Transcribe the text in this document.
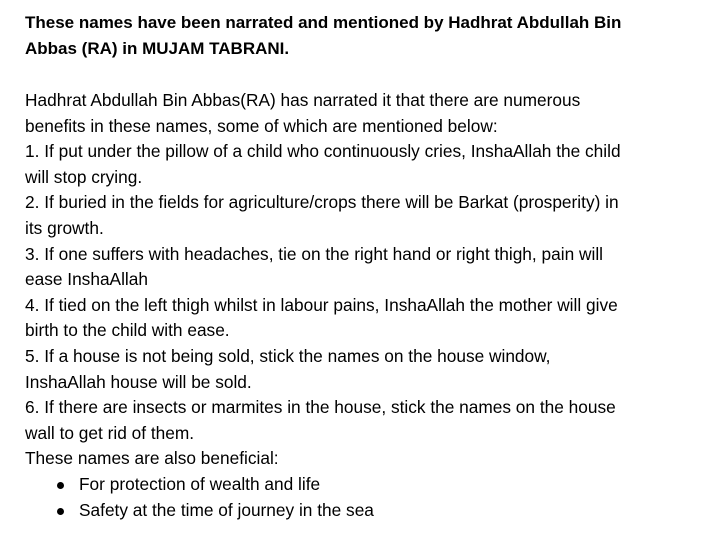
These names have been narrated and mentioned by Hadhrat Abdullah Bin
Abbas (RA) in MUJAM TABRANI.
Hadhrat Abdullah Bin Abbas(RA) has narrated it that there are numerous
benefits in these names, some of which are mentioned below:
1. If put under the pillow of a child who continuously cries, InshaAllah the child
will stop crying.
2. If buried in the fields for agriculture/crops there will be Barkat (prosperity) in
its growth.
3. If one suffers with headaches, tie on the right hand or right thigh, pain will
ease InshaAllah
4. If tied on the left thigh whilst in labour pains, InshaAllah the mother will give
birth to the child with ease.
5. If a house is not being sold, stick the names on the house window,
InshaAllah house will be sold.
6. If there are insects or marmites in the house, stick the names on the house
wall to get rid of them.
These names are also beneficial:
For protection of wealth and life
Safety at the time of journey in the sea
